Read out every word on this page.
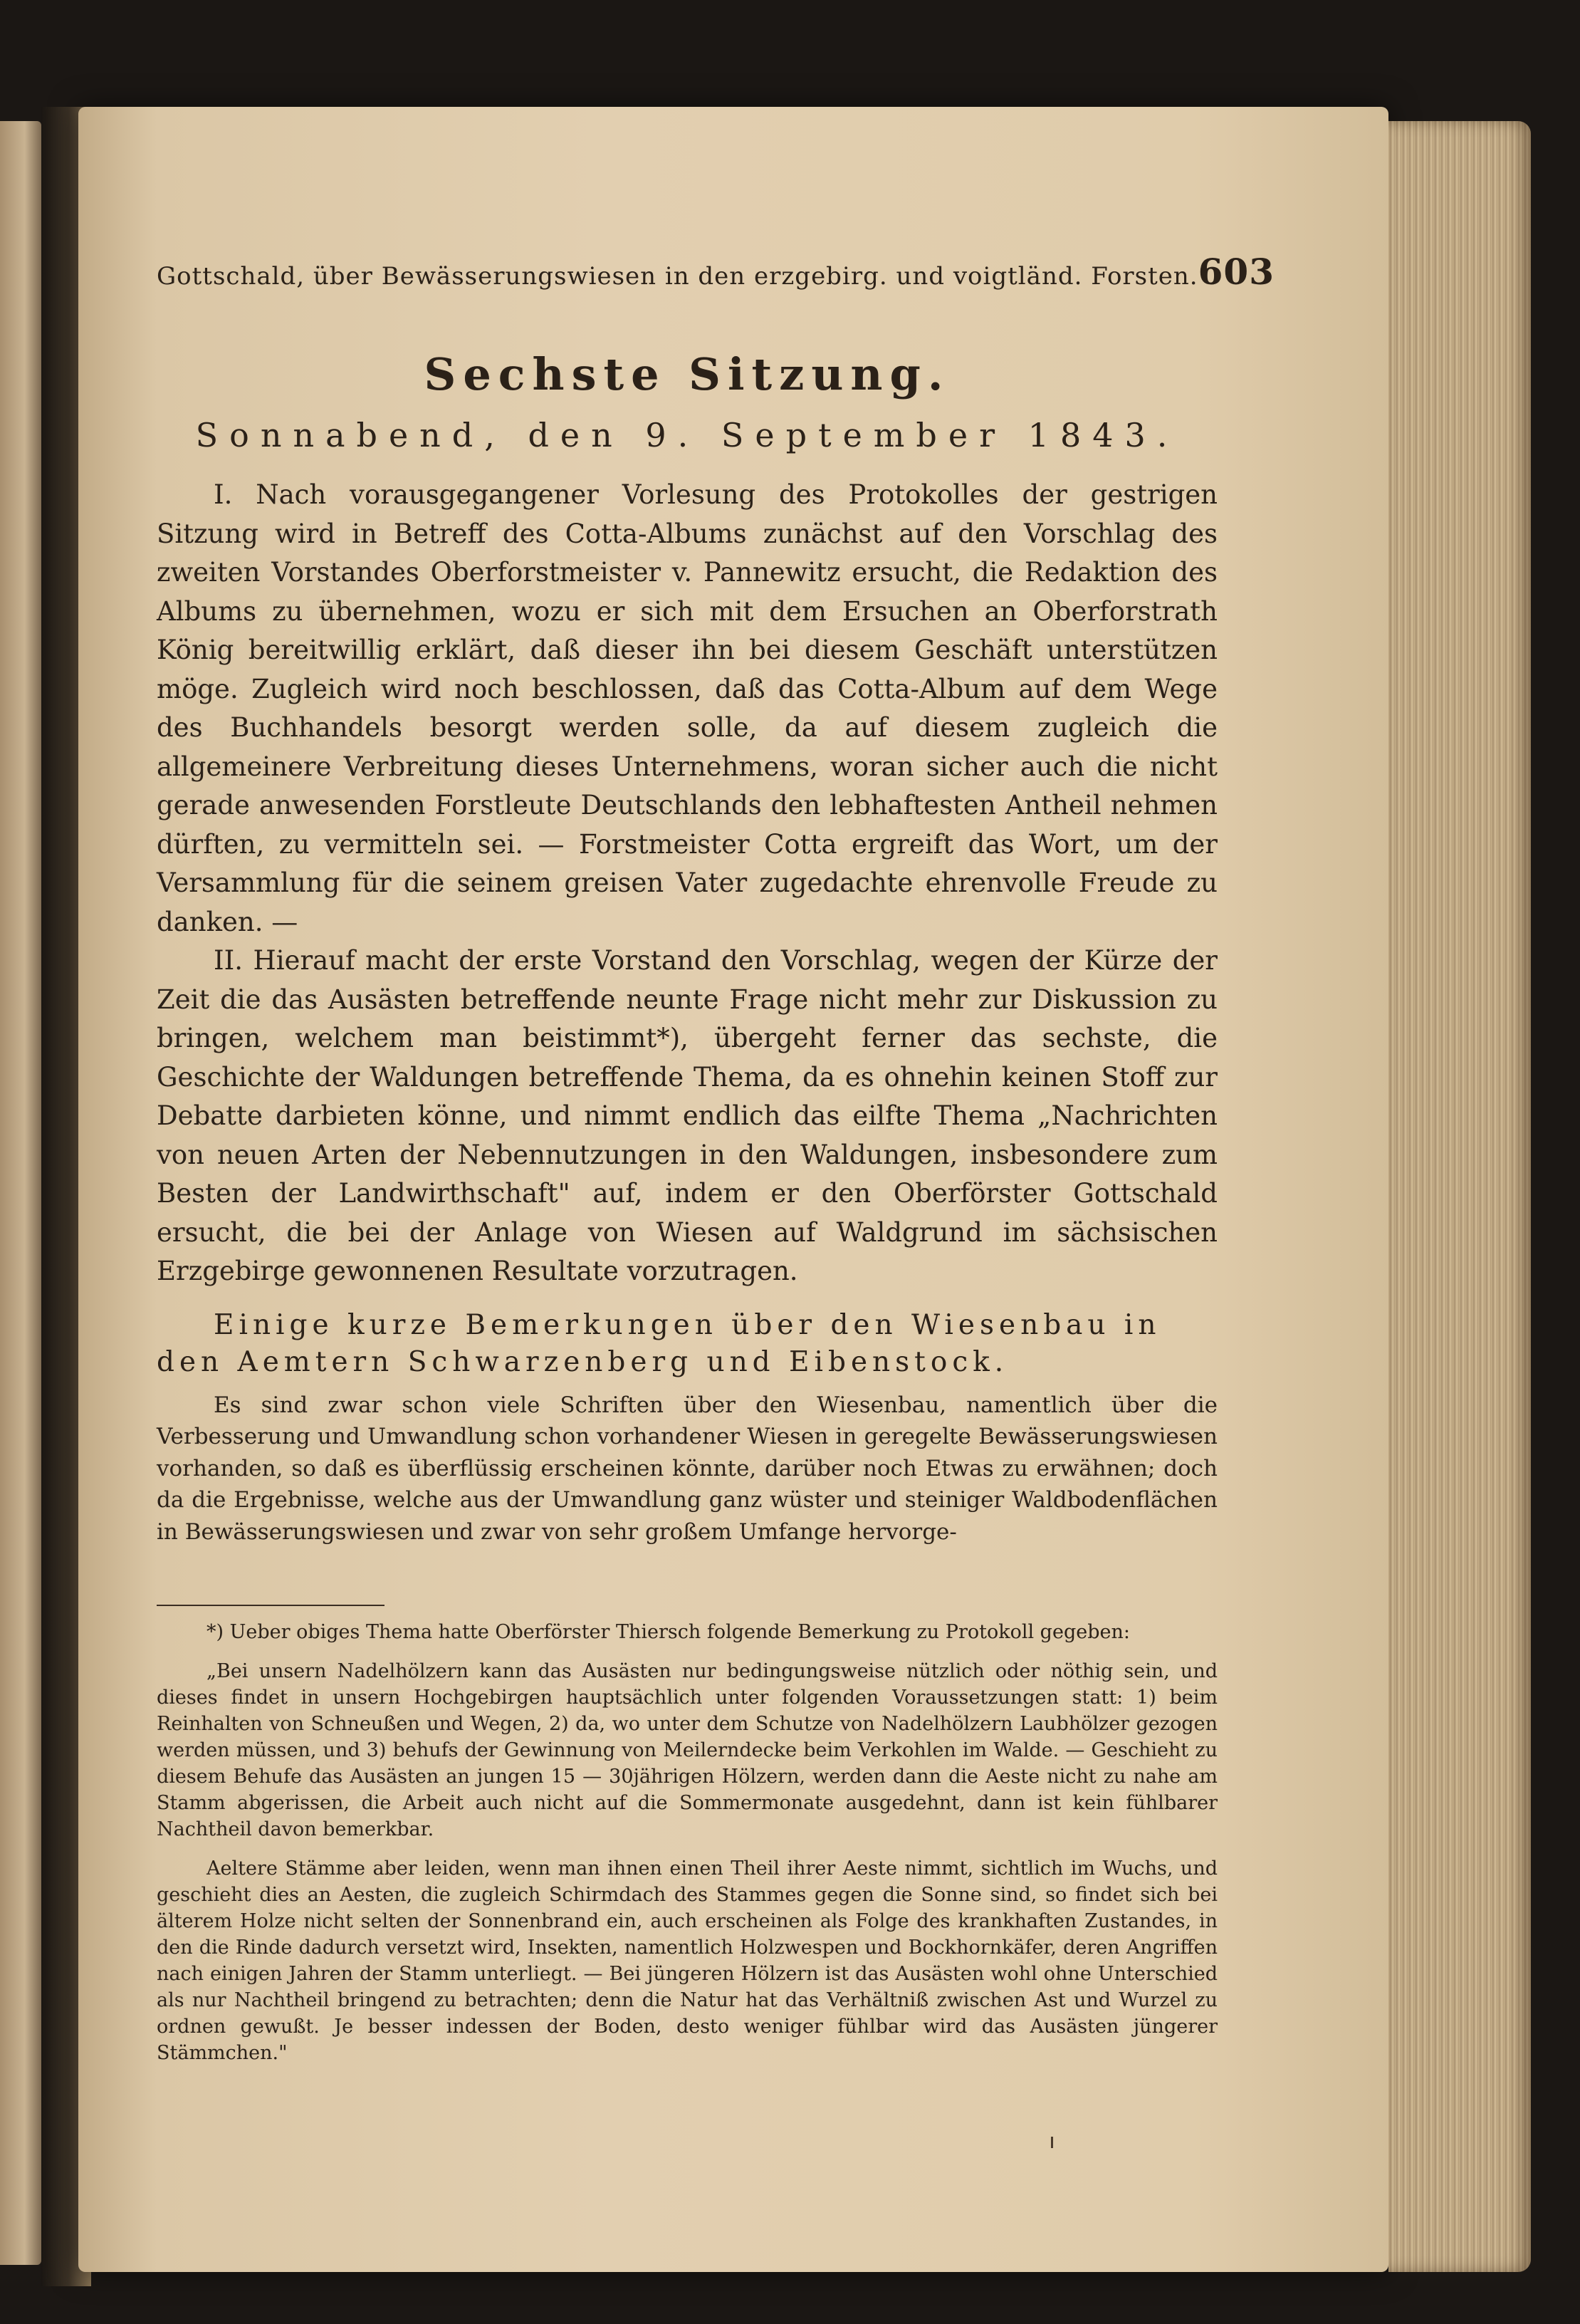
Gottschald, über Bewässerungswiesen in den erzgebirg. und voigtländ. Forsten. 603
Sechste Sitzung.
Sonnabend, den 9. September 1843.

I. Nach vorausgegangener Vorlesung des Protokolles der gestrigen Sitzung wird in Betreff des Cotta-Albums zunächst auf den Vorschlag des zweiten Vorstandes Oberforstmeister v. Pannewitz ersucht, die Redaktion des Albums zu übernehmen, wozu er sich mit dem Ersuchen an Oberforstrath König bereitwillig erklärt, daß dieser ihn bei diesem Geschäft unterstützen möge. Zugleich wird noch beschlossen, daß das Cotta-Album auf dem Wege des Buchhandels besorgt werden solle, da auf diesem zugleich die allgemeinere Verbreitung dieses Unternehmens, woran sicher auch die nicht gerade anwesenden Forstleute Deutschlands den lebhaftesten Antheil nehmen dürften, zu vermitteln sei. — Forstmeister Cotta ergreift das Wort, um der Versammlung für die seinem greisen Vater zugedachte ehrenvolle Freude zu danken. —

II. Hierauf macht der erste Vorstand den Vorschlag, wegen der Kürze der Zeit die das Ausästen betreffende neunte Frage nicht mehr zur Diskussion zu bringen, welchem man beistimmt*), übergeht ferner das sechste, die Geschichte der Waldungen betreffende Thema, da es ohnehin keinen Stoff zur Debatte darbieten könne, und nimmt endlich das eilfte Thema „Nachrichten von neuen Arten der Nebennutzungen in den Waldungen, insbesondere zum Besten der Landwirthschaft" auf, indem er den Oberförster Gottschald ersucht, die bei der Anlage von Wiesen auf Waldgrund im sächsischen Erzgebirge gewonnenen Resultate vorzutragen.

Einige kurze Bemerkungen über den Wiesenbau in den Aemtern Schwarzenberg und Eibenstock.

Es sind zwar schon viele Schriften über den Wiesenbau, namentlich über die Verbesserung und Umwandlung schon vorhandener Wiesen in geregelte Bewässerungswiesen vorhanden, so daß es überflüssig erscheinen könnte, darüber noch Etwas zu erwähnen; doch da die Ergebnisse, welche aus der Umwandlung ganz wüster und steiniger Waldbodenflächen in Bewässerungswiesen und zwar von sehr großem Umfange hervorge-

*) Ueber obiges Thema hatte Oberförster Thiersch folgende Bemerkung zu Protokoll gegeben:

„Bei unsern Nadelhölzern kann das Ausästen nur bedingungsweise nützlich oder nöthig sein, und dieses findet in unsern Hochgebirgen hauptsächlich unter folgenden Voraussetzungen statt: 1) beim Reinhalten von Schneußen und Wegen, 2) da, wo unter dem Schutze von Nadelhölzern Laubhölzer gezogen werden müssen, und 3) behufs der Gewinnung von Meilerndecke beim Verkohlen im Walde. — Geschieht zu diesem Behufe das Ausästen an jungen 15 — 30jährigen Hölzern, werden dann die Aeste nicht zu nahe am Stamm abgerissen, die Arbeit auch nicht auf die Sommermonate ausgedehnt, dann ist kein fühlbarer Nachtheil davon bemerkbar.

Aeltere Stämme aber leiden, wenn man ihnen einen Theil ihrer Aeste nimmt, sichtlich im Wuchs, und geschieht dies an Aesten, die zugleich Schirmdach des Stammes gegen die Sonne sind, so findet sich bei älterem Holze nicht selten der Sonnenbrand ein, auch erscheinen als Folge des krankhaften Zustandes, in den die Rinde dadurch versetzt wird, Insekten, namentlich Holzwespen und Bockhornkäfer, deren Angriffen nach einigen Jahren der Stamm unterliegt. — Bei jüngeren Hölzern ist das Ausästen wohl ohne Unterschied als nur Nachtheil bringend zu betrachten; denn die Natur hat das Verhältniß zwischen Ast und Wurzel zu ordnen gewußt. Je besser indessen der Boden, desto weniger fühlbar wird das Ausästen jüngerer Stämmchen."
